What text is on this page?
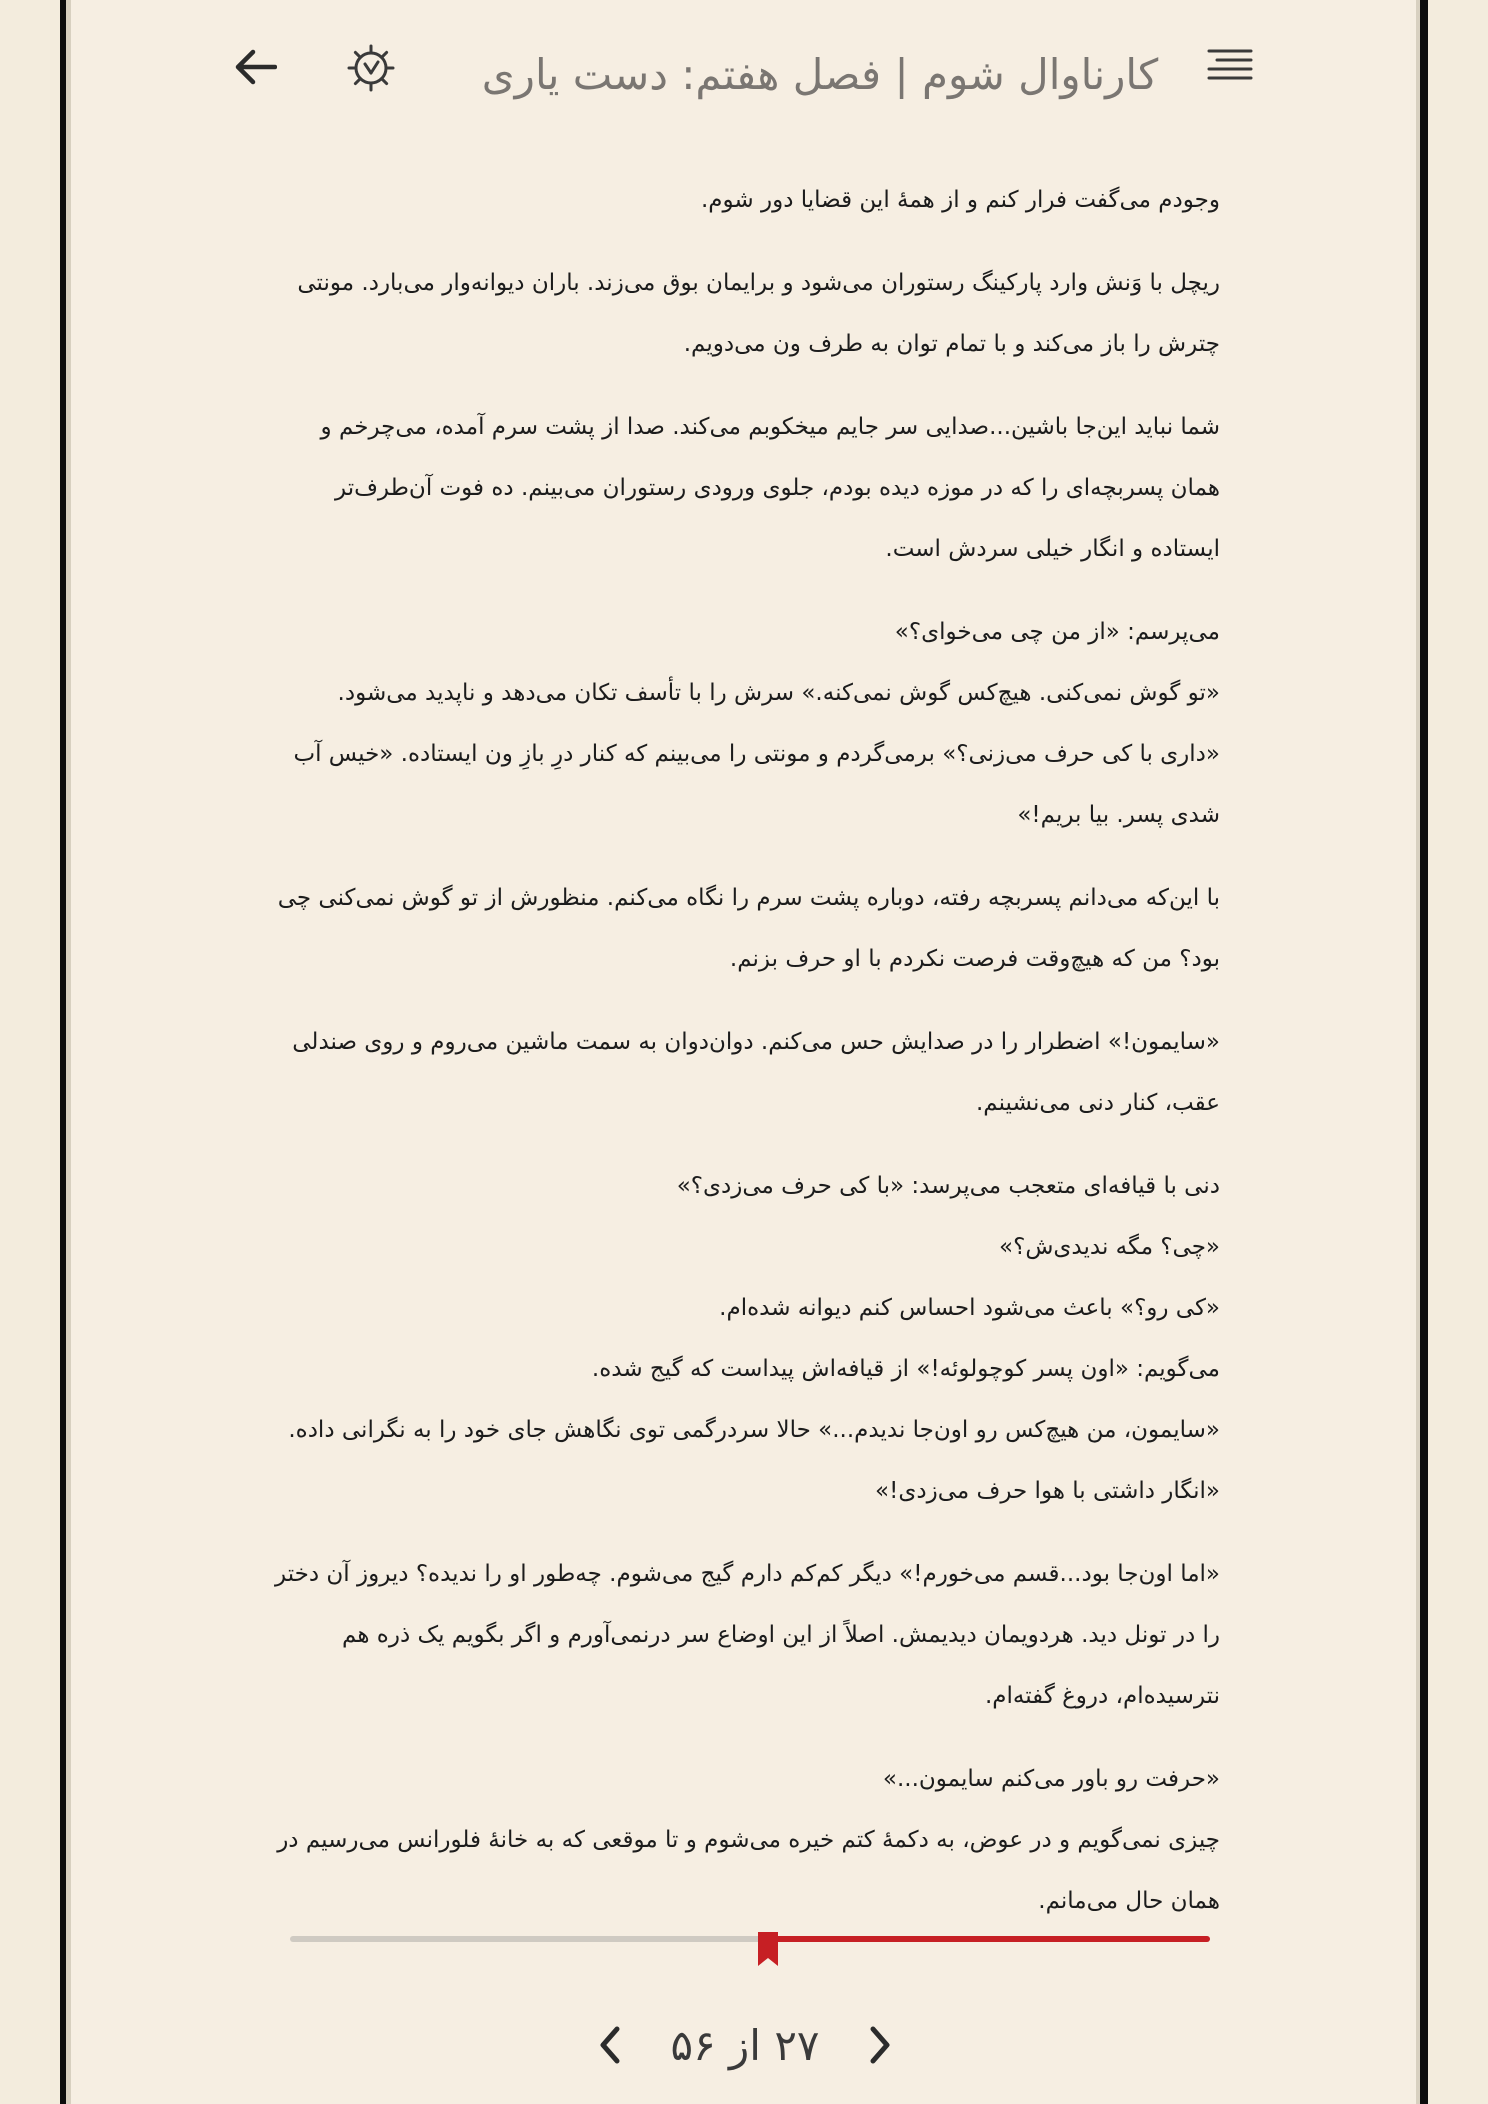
کارناوال شوم | فصل هفتم: دست یاری

وجودم می‌گفت فرار کنم و از همهٔ این قضایا دور شوم.

ریچل با وَنش وارد پارکینگ رستوران می‌شود و برایمان بوق می‌زند. باران دیوانه‌وار می‌بارد. مونتی چترش را باز می‌کند و با تمام توان به طرف ون می‌دویم.

شما نباید این‌جا باشین...صدایی سر جایم میخکوبم می‌کند. صدا از پشت سرم آمده، می‌چرخم و همان پسربچه‌ای را که در موزه دیده بودم، جلوی ورودی رستوران می‌بینم. ده فوت آن‌طرف‌تر ایستاده و انگار خیلی سردش است.

می‌پرسم: «از من چی می‌خوای؟»

«تو گوش نمی‌کنی. هیچ‌کس گوش نمی‌کنه.» سرش را با تأسف تکان می‌دهد و ناپدید می‌شود.

«داری با کی حرف می‌زنی؟» برمی‌گردم و مونتی را می‌بینم که کنار درِ بازِ ون ایستاده. «خیس آب شدی پسر. بیا بریم!»

با این‌که می‌دانم پسربچه رفته، دوباره پشت سرم را نگاه می‌کنم. منظورش از تو گوش نمی‌کنی چی بود؟ من که هیچ‌وقت فرصت نکردم با او حرف بزنم.

«سایمون!» اضطرار را در صدایش حس می‌کنم. دوان‌دوان به سمت ماشین می‌روم و روی صندلی عقب، کنار دنی می‌نشینم.

دنی با قیافه‌ای متعجب می‌پرسد: «با کی حرف می‌زدی؟»

«چی؟ مگه ندیدی‌ش؟»

«کی رو؟» باعث می‌شود احساس کنم دیوانه شده‌ام.

می‌گویم: «اون پسر کوچولوئه!» از قیافه‌اش پیداست که گیج شده.

«سایمون، من هیچ‌کس رو اون‌جا ندیدم...» حالا سردرگمی توی نگاهش جای خود را به نگرانی داده. «انگار داشتی با هوا حرف می‌زدی!»

«اما اون‌جا بود...قسم می‌خورم!» دیگر کم‌کم دارم گیج می‌شوم. چه‌طور او را ندیده؟ دیروز آن دختر را در تونل دید. هردویمان دیدیمش. اصلاً از این اوضاع سر درنمی‌آورم و اگر بگویم یک ذره هم نترسیده‌ام، دروغ گفته‌ام.

«حرفت رو باور می‌کنم سایمون...»

چیزی نمی‌گویم و در عوض، به دکمهٔ کتم خیره می‌شوم و تا موقعی که به خانهٔ فلورانس می‌رسیم در همان حال می‌مانم.

۲۷ از ۵۶
